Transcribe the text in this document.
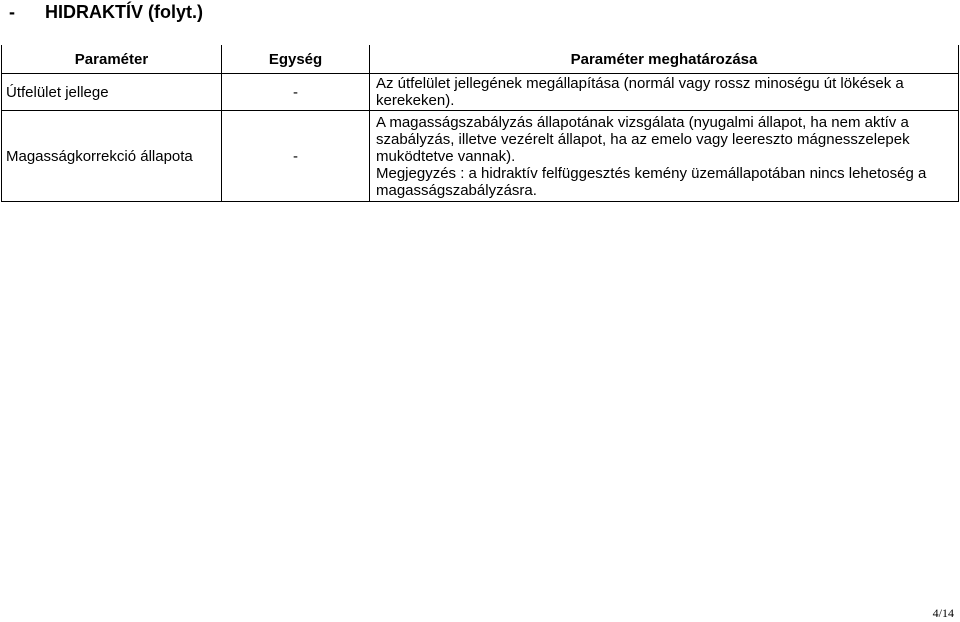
- HIDRAKTÍV (folyt.)
Paraméter	Egység	Paraméter meghatározása
Útfelület jellege	-	Az útfelület jellegének megállapítása (normál vagy rossz minoségu út lökések a kerekeken).
Magasságkorrekció állapota	-	A magasságszabályzás állapotának vizsgálata (nyugalmi állapot, ha nem aktív a szabályzás, illetve vezérelt állapot, ha az emelo vagy leereszto mágnesszelepek muködtetve vannak).
Megjegyzés : a hidraktív felfüggesztés kemény üzemállapotában nincs lehetoség a magasságszabályzásra.
4/14
